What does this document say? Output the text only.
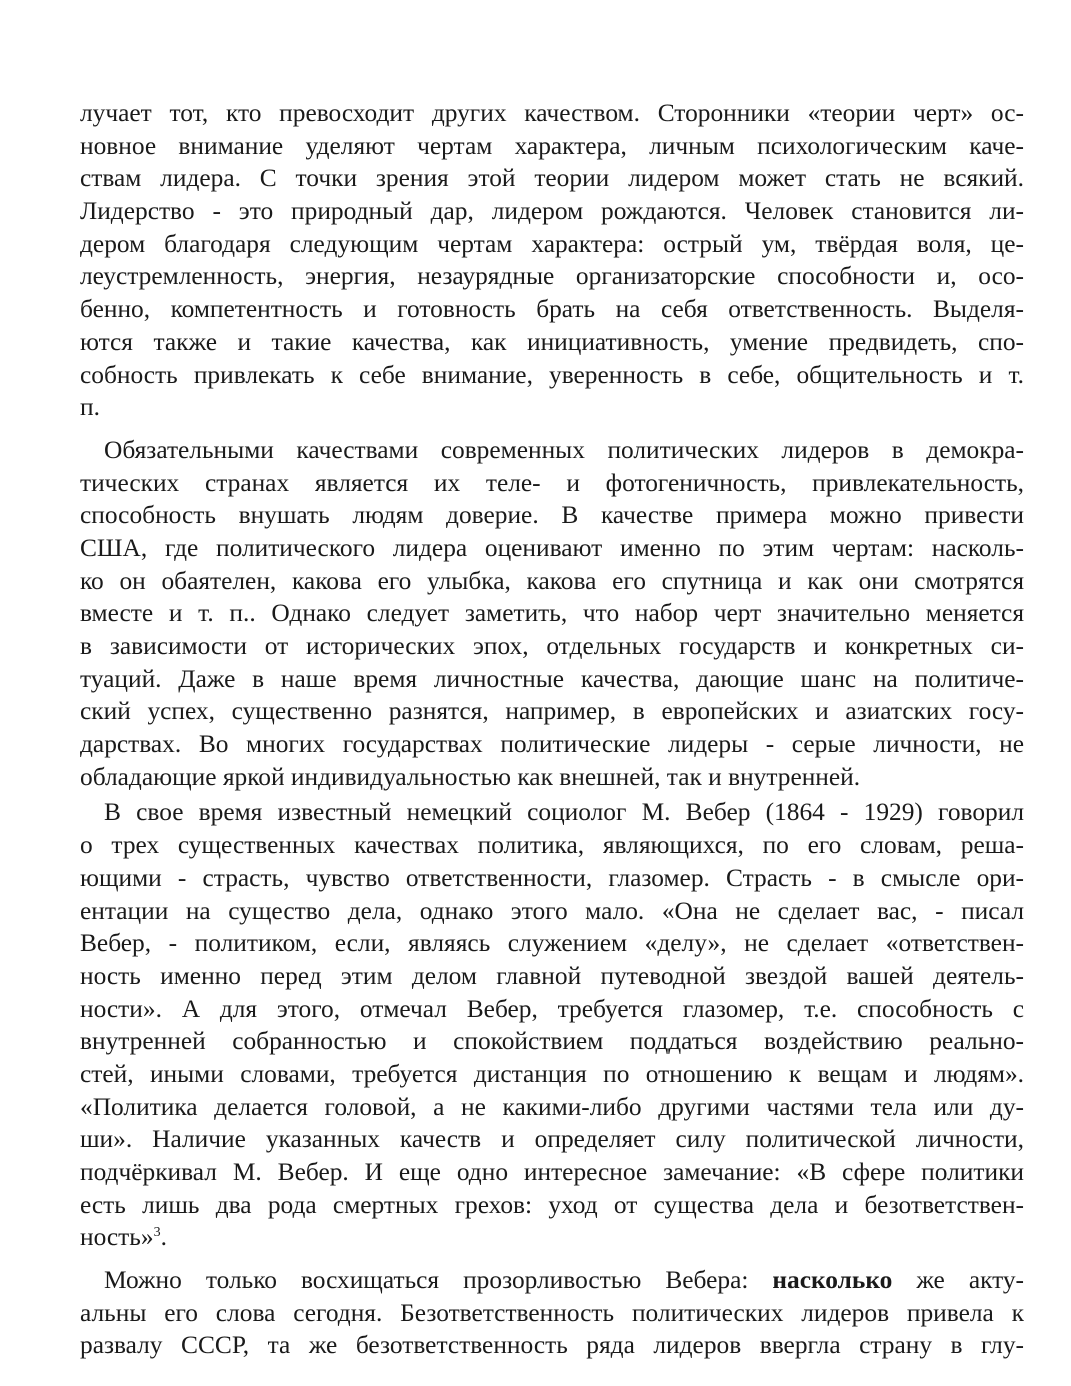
лучает тот, кто превосходит других качеством. Сторонники «теории черт» ос-
новное внимание уделяют чертам характера, личным психологическим каче-
ствам лидера. С точки зрения этой теории лидером может стать не всякий.
Лидерство - это природный дар, лидером рождаются. Человек становится ли-
дером благодаря следующим чертам характера: острый ум, твёрдая воля, це-
леустремленность, энергия, незаурядные организаторские способности и, осо-
бенно, компетентность и готовность брать на себя ответственность. Выделя-
ются также и такие качества, как инициативность, умение предвидеть, спо-
собность привлекать к себе внимание, уверенность в себе, общительность и т.
п.
Обязательными качествами современных политических лидеров в демокра-
тических странах является их теле- и фотогеничность, привлекательность,
способность внушать людям доверие. В качестве примера можно привести
США, где политического лидера оценивают именно по этим чертам: насколь-
ко он обаятелен, какова его улыбка, какова его спутница и как они смотрятся
вместе и т. п.. Однако следует заметить, что набор черт значительно меняется
в зависимости от исторических эпох, отдельных государств и конкретных си-
туаций. Даже в наше время личностные качества, дающие шанс на политиче-
ский успех, существенно разнятся, например, в европейских и азиатских госу-
дарствах. Во многих государствах политические лидеры - серые личности, не
обладающие яркой индивидуальностью как внешней, так и внутренней.
В свое время известный немецкий социолог М. Вебер (1864 - 1929) говорил
о трех существенных качествах политика, являющихся, по его словам, реша-
ющими - страсть, чувство ответственности, глазомер. Страсть - в смысле ори-
ентации на существо дела, однако этого мало. «Она не сделает вас, - писал
Вебер, - политиком, если, являясь служением «делу», не сделает «ответствен-
ность именно перед этим делом главной путеводной звездой вашей деятель-
ности». А для этого, отмечал Вебер, требуется глазомер, т.е. способность с
внутренней собранностью и спокойствием поддаться воздействию реально-
стей, иными словами, требуется дистанция по отношению к вещам и людям».
«Политика делается головой, а не какими-либо другими частями тела или ду-
ши». Наличие указанных качеств и определяет силу политической личности,
подчёркивал М. Вебер. И еще одно интересное замечание: «В сфере политики
есть лишь два рода смертных грехов: уход от существа дела и безответствен-
ность»$^3$.
Можно только восхищаться прозорливостью Вебера: насколько же акту-
альны его слова сегодня. Безответственность политических лидеров привела к
развалу СССР, та же безответственность ряда лидеров ввергла страну в глу-
